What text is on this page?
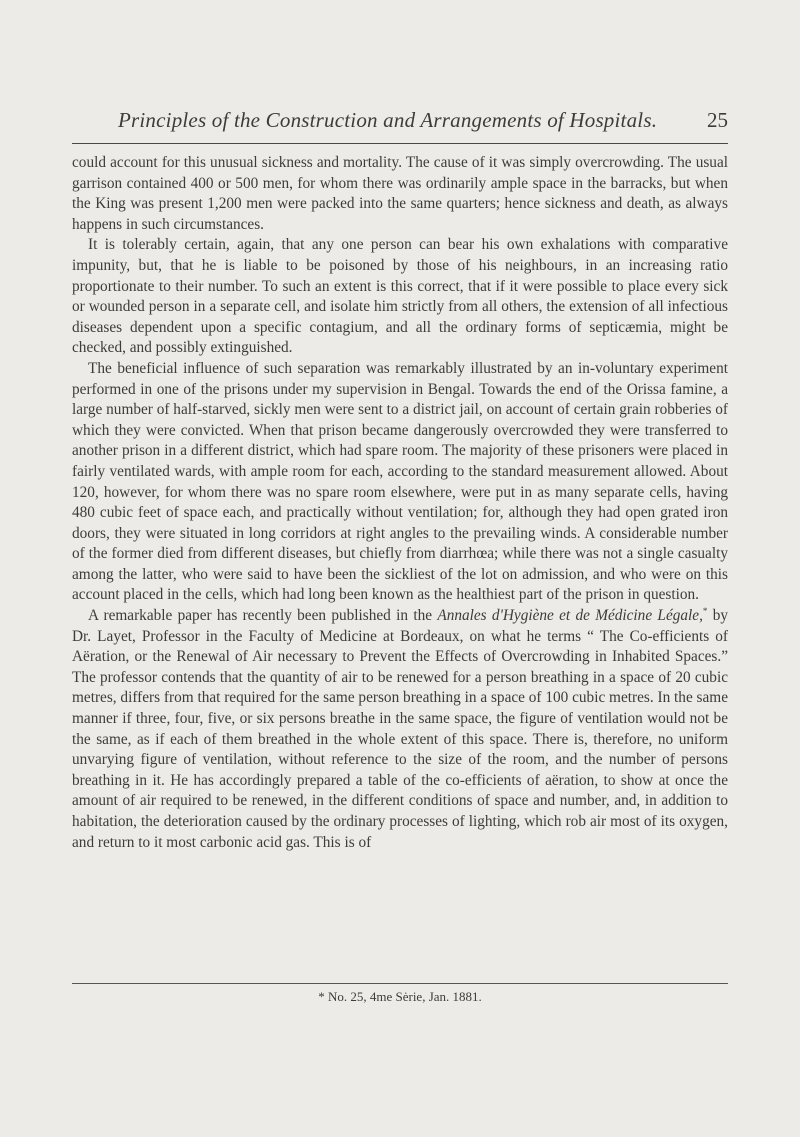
Principles of the Construction and Arrangements of Hospitals. 25

could account for this unusual sickness and mortality. The cause of it was simply overcrowding. The usual garrison contained 400 or 500 men, for whom there was ordinarily ample space in the barracks, but when the King was present 1,200 men were packed into the same quarters; hence sickness and death, as always happens in such circumstances.

It is tolerably certain, again, that any one person can bear his own exhalations with comparative impunity, but, that he is liable to be poisoned by those of his neighbours, in an increasing ratio proportionate to their number. To such an extent is this correct, that if it were possible to place every sick or wounded person in a separate cell, and isolate him strictly from all others, the extension of all infectious diseases dependent upon a specific contagium, and all the ordinary forms of septicæmia, might be checked, and possibly extinguished.

The beneficial influence of such separation was remarkably illustrated by an in-voluntary experiment performed in one of the prisons under my supervision in Bengal. Towards the end of the Orissa famine, a large number of half-starved, sickly men were sent to a district jail, on account of certain grain robberies of which they were convicted. When that prison became dangerously overcrowded they were transferred to another prison in a different district, which had spare room. The majority of these prisoners were placed in fairly ventilated wards, with ample room for each, according to the standard measurement allowed. About 120, however, for whom there was no spare room elsewhere, were put in as many separate cells, having 480 cubic feet of space each, and practically without ventilation; for, although they had open grated iron doors, they were situated in long corridors at right angles to the prevailing winds. A considerable number of the former died from different diseases, but chiefly from diarrhœa; while there was not a single casualty among the latter, who were said to have been the sickliest of the lot on admission, and who were on this account placed in the cells, which had long been known as the healthiest part of the prison in question.

A remarkable paper has recently been published in the Annales d'Hygiène et de Médicine Légale,* by Dr. Layet, Professor in the Faculty of Medicine at Bordeaux, on what he terms “ The Co-efficients of Aëration, or the Renewal of Air necessary to Prevent the Effects of Overcrowding in Inhabited Spaces.” The professor contends that the quantity of air to be renewed for a person breathing in a space of 20 cubic metres, differs from that required for the same person breathing in a space of 100 cubic metres. In the same manner if three, four, five, or six persons breathe in the same space, the figure of ventilation would not be the same, as if each of them breathed in the whole extent of this space. There is, therefore, no uniform unvarying figure of ventilation, without reference to the size of the room, and the number of persons breathing in it. He has accordingly prepared a table of the co-efficients of aëration, to show at once the amount of air required to be renewed, in the different conditions of space and number, and, in addition to habitation, the deterioration caused by the ordinary processes of lighting, which rob air most of its oxygen, and return to it most carbonic acid gas. This is of

* No. 25, 4me Sėrie, Jan. 1881.
